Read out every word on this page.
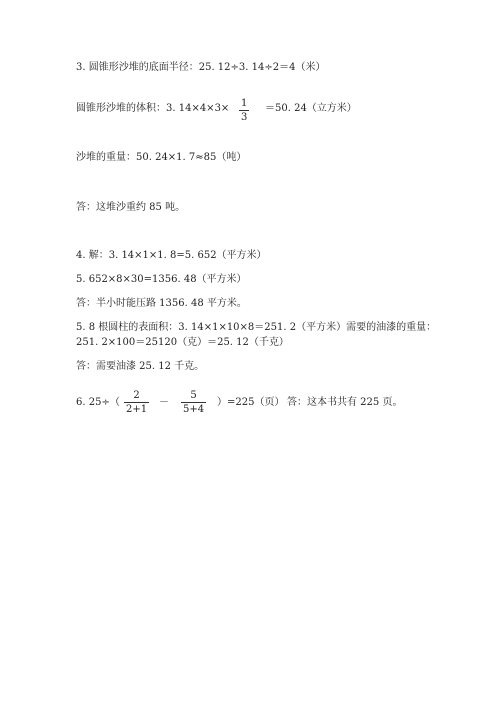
3. 圆锥形沙堆的底面半径：25. 12÷3. 14÷2＝4（米）
圆锥形沙堆的体积：3. 14×4×3× 1
3
＝50. 24（立方米）
沙堆的重量：50. 24×1. 7≈85（吨）
答：这堆沙重约 85 吨。
4. 解：3. 14×1×1. 8=5. 652（平方米）
5. 652×8×30=1356. 48（平方米）
答：半小时能压路 1356. 48 平方米。
5. 8 根圆柱的表面积：3. 14×1×10×8＝251. 2（平方米）需要的油漆的重量：
251. 2×100＝25120（克）＝25. 12（千克）
答：需要油漆 25. 12 千克。
6. 25÷（
2
2+1
－
5
5+4
）=225（页） 答：这本书共有 225 页。
